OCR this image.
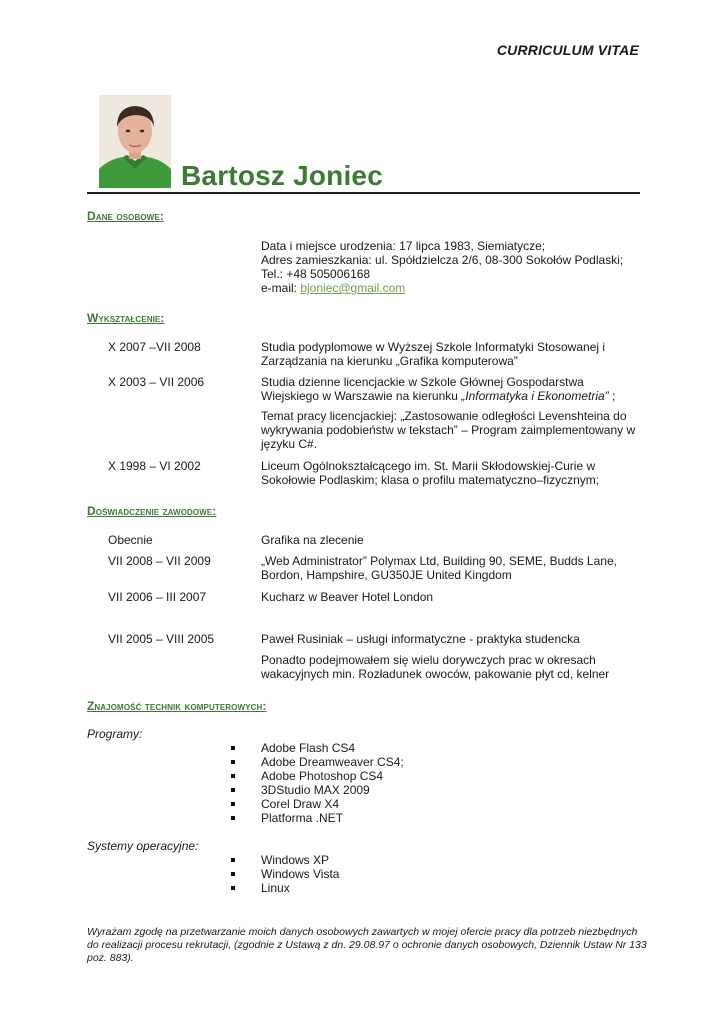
CURRICULUM VITAE
Bartosz Joniec
Dane osobowe:
Data i miejsce urodzenia: 17 lipca 1983, Siemiatycze;
Adres zamieszkania: ul. Spółdzielcza 2/6, 08-300 Sokołów Podlaski;
Tel.: +48 505006168
e-mail: bjoniec@gmail.com
Wykształcenie:
X 2007 –VII 2008	Studia podyplomowe w Wyższej Szkole Informatyki Stosowanej i Zarządzania na kierunku „Grafika komputerowa”
X 2003 – VII 2006	Studia dzienne licencjackie w Szkole Głównej Gospodarstwa Wiejskiego w Warszawie na kierunku „Informatyka i Ekonometria” ;
Temat pracy licencjackiej: „Zastosowanie odległości Levenshteina do wykrywania podobieństw w tekstach” – Program zaimplementowany w języku C#.
X 1998 – VI 2002	Liceum Ogólnokształcącego im. St. Marii Skłodowskiej-Curie w Sokołowie Podlaskim; klasa o profilu matematyczno–fizycznym;
Doświadczenie zawodowe:
Obecnie	Grafika na zlecenie
VII 2008 – VII 2009	„Web Administrator” Polymax Ltd, Building 90, SEME, Budds Lane, Bordon, Hampshire, GU350JE United Kingdom
VII 2006 – III 2007	Kucharz w Beaver Hotel London
VII 2005 – VIII 2005	Paweł Rusiniak – usługi informatyczne - praktyka studencka
Ponadto podejmowałem się wielu dorywczych prac w okresach wakacyjnych min. Rozładunek owoców, pakowanie płyt cd, kelner
Znajomość technik komputerowych:
Programy:
Adobe Flash CS4
Adobe Dreamweaver CS4;
Adobe Photoshop CS4
3DStudio MAX 2009
Corel Draw X4
Platforma .NET
Systemy operacyjne:
Windows XP
Windows Vista
Linux
Wyrażam zgodę na przetwarzanie moich danych osobowych zawartych w mojej ofercie pracy dla potrzeb niezbędnych do realizacji procesu rekrutacji, (zgodnie z Ustawą z dn. 29.08.97 o ochronie danych osobowych, Dziennik Ustaw Nr 133 poz. 883).
